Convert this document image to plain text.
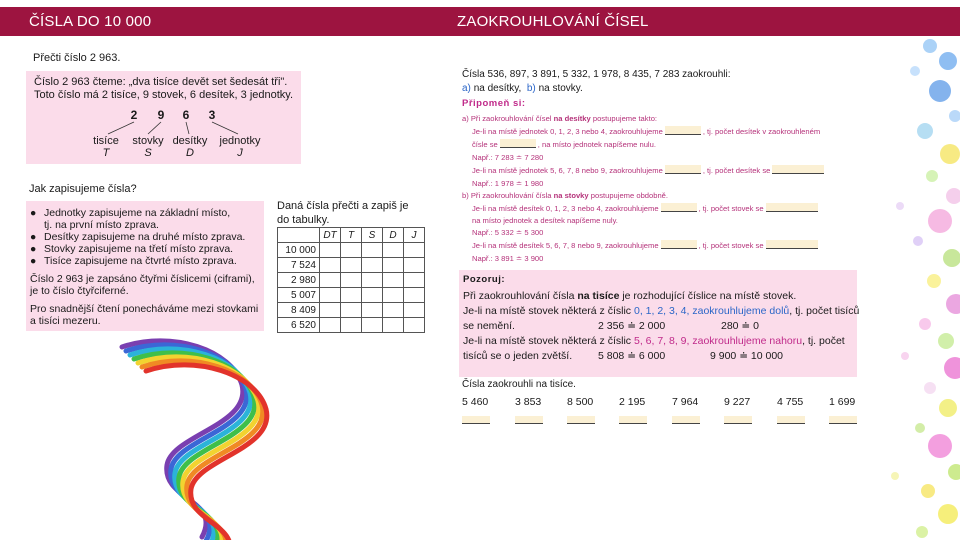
ČÍSLA DO 10 000	ZAOKROUHLOVÁNÍ ČÍSEL
Přečti číslo 2 963.
Číslo 2 963 čteme: „dva tisíce devět set šedesát tři".
Toto číslo má 2 tisíce, 9 stovek, 6 desítek, 3 jednotky.
2	9	6	3
tisíce	stovky desítky	jednotky
T	S	D	J
Jak zapisujeme čísla?
● Jednotky zapisujeme na základní místo,
tj. na první místo zprava.
● Desítky zapisujeme na druhé místo zprava.
● Stovky zapisujeme na třetí místo zprava.
● Tisíce zapisujeme na čtvrté místo zprava.
Číslo 2 963 je zapsáno čtyřmi číslicemi (ciframi),
je to číslo čtyřciferné.
Pro snadnější čtení ponecháváme mezi stovkami
a tisíci mezeru.
Daná čísla přečti a zapiš je do tabulky.
	DT	T	S	D	J
10 000					
7 524					
2 980					
5 007					
8 409					
6 520					
Čísla 536, 897, 3 891, 5 332, 1 978, 8 435, 7 283 zaokrouhli:
a) na desítky, b) na stovky.
Připomeň si:
a) Při zaokrouhlování čísel na desítky postupujeme takto:
Je-li na místě jednotek 0, 1, 2, 3 nebo 4, zaokrouhlujeme	, tj. počet desítek v zaokrouhleném
čísle se	, na místo jednotek napíšeme nulu.
Např.: 7 283 ≐ 7 280
Je-li na místě jednotek 5, 6, 7, 8 nebo 9, zaokrouhlujeme	, tj. počet desítek se
Např.: 1 978 ≐ 1 980
b) Při zaokrouhlování čísla na stovky postupujeme obdobně.
Je-li na místě desítek 0, 1, 2, 3 nebo 4, zaokrouhlujeme	, tj. počet stovek se
na místo jednotek a desítek napíšeme nuly.
Např.: 5 332 ≐ 5 300
Je-li na místě desítek 5, 6, 7, 8 nebo 9, zaokrouhlujeme	, tj. počet stovek se
Např.: 3 891 ≐ 3 900
Pozoruj:
Při zaokrouhlování čísla na tisíce je rozhodující číslice na místě stovek.
Je-li na místě stovek některá z číslic 0, 1, 2, 3, 4, zaokrouhlujeme dolů, tj. počet tisíců
se nemění.	2 356 ≐ 2 000	280 ≐ 0
Je-li na místě stovek některá z číslic 5, 6, 7, 8, 9, zaokrouhlujeme nahoru, tj. počet
tisíců se o jeden zvětší. 5 808 ≐ 6 000	9 900 ≐ 10 000
Čísla zaokrouhli na tisíce.
5 460	3 853 8 500 2 195	7 964 9 227	4 755 1 699
